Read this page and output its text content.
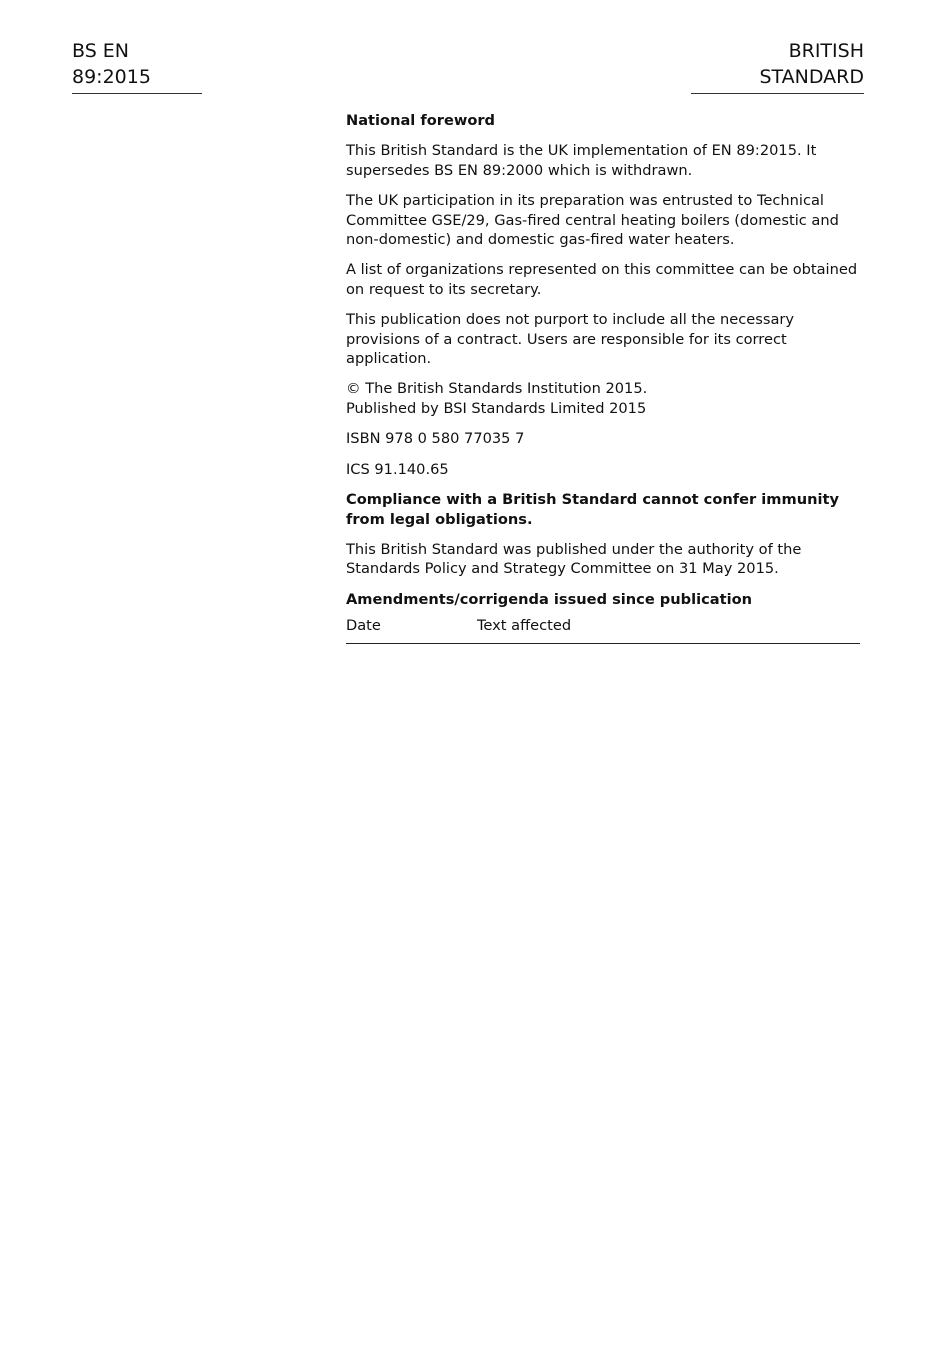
BS EN 89:2015
BRITISH STANDARD

National foreword

This British Standard is the UK implementation of EN 89:2015. It supersedes BS EN 89:2000 which is withdrawn.

The UK participation in its preparation was entrusted to Technical Committee GSE/29, Gas-fired central heating boilers (domestic and non-domestic) and domestic gas-fired water heaters.

A list of organizations represented on this committee can be obtained on request to its secretary.

This publication does not purport to include all the necessary provisions of a contract. Users are responsible for its correct application.

© The British Standards Institution 2015.
Published by BSI Standards Limited 2015

ISBN 978 0 580 77035 7

ICS 91.140.65

Compliance with a British Standard cannot confer immunity from legal obligations.

This British Standard was published under the authority of the Standards Policy and Strategy Committee on 31 May 2015.

Amendments/corrigenda issued since publication

Date	Text affected
